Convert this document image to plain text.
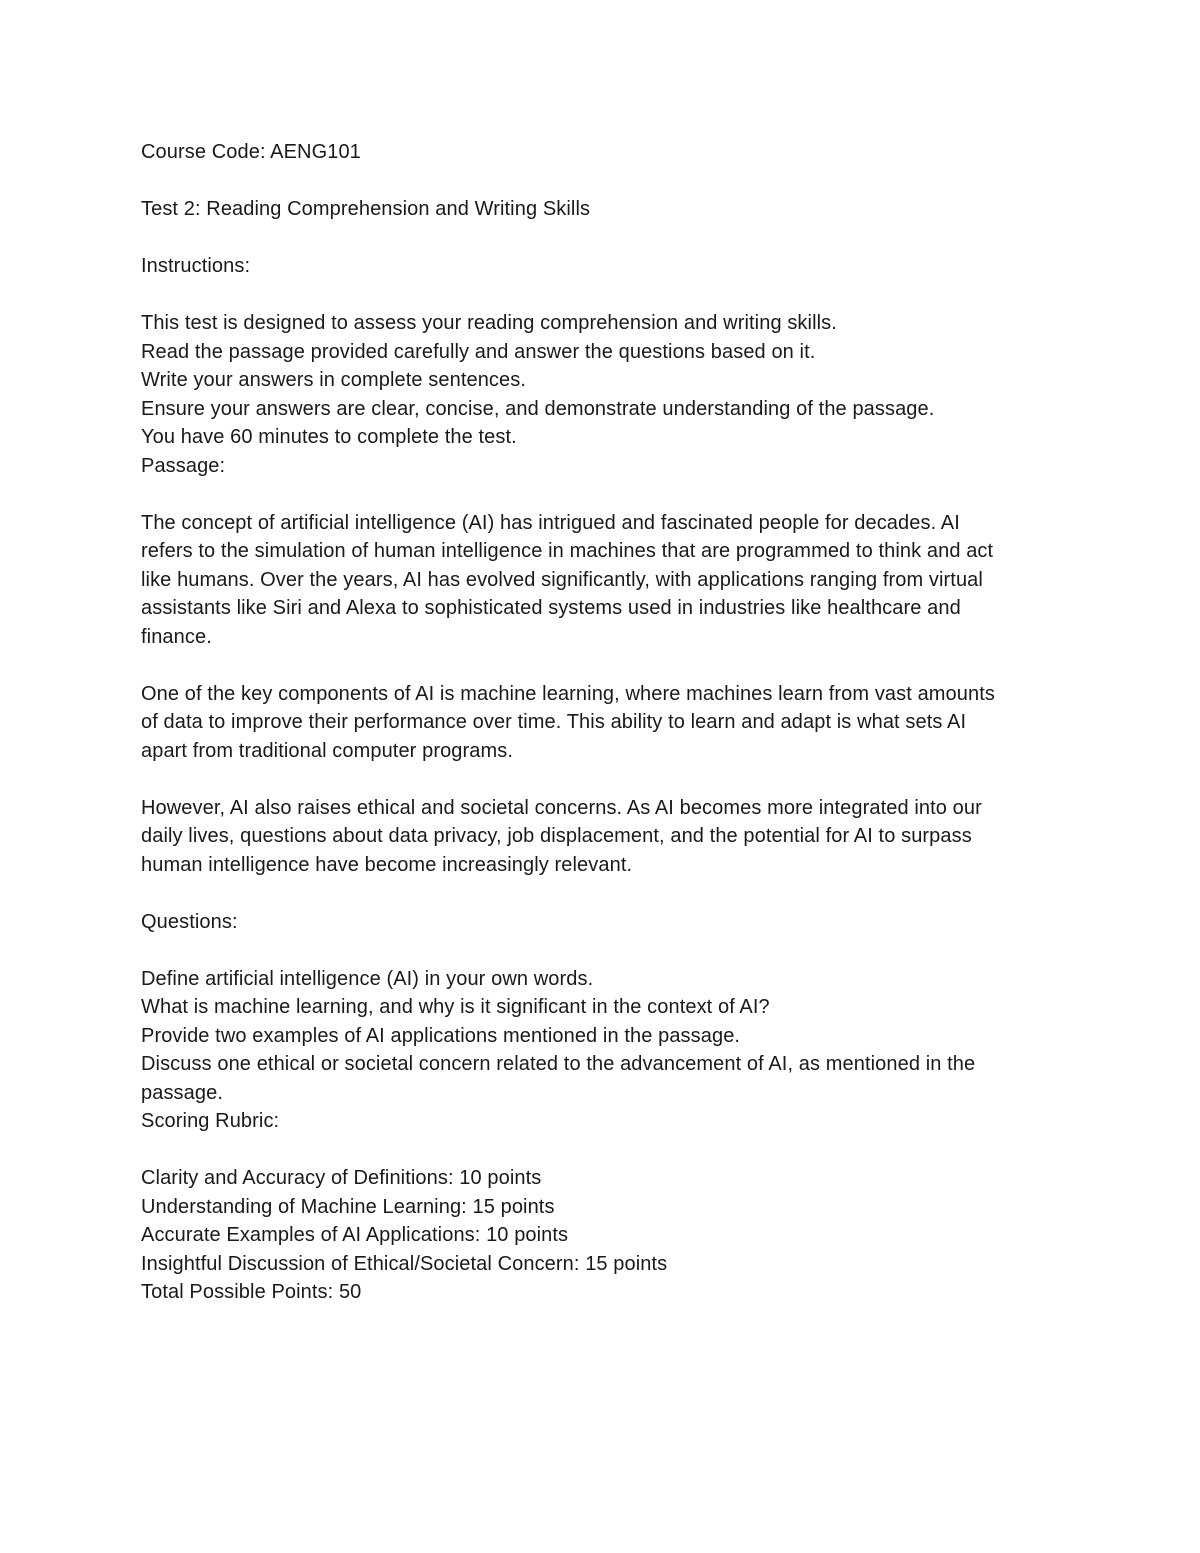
Course Code: AENG101
Test 2: Reading Comprehension and Writing Skills
Instructions:
This test is designed to assess your reading comprehension and writing skills.
Read the passage provided carefully and answer the questions based on it.
Write your answers in complete sentences.
Ensure your answers are clear, concise, and demonstrate understanding of the passage.
You have 60 minutes to complete the test.
Passage:
The concept of artificial intelligence (AI) has intrigued and fascinated people for decades. AI
refers to the simulation of human intelligence in machines that are programmed to think and act
like humans. Over the years, AI has evolved significantly, with applications ranging from virtual
assistants like Siri and Alexa to sophisticated systems used in industries like healthcare and
finance.
One of the key components of AI is machine learning, where machines learn from vast amounts
of data to improve their performance over time. This ability to learn and adapt is what sets AI
apart from traditional computer programs.
However, AI also raises ethical and societal concerns. As AI becomes more integrated into our
daily lives, questions about data privacy, job displacement, and the potential for AI to surpass
human intelligence have become increasingly relevant.
Questions:
Define artificial intelligence (AI) in your own words.
What is machine learning, and why is it significant in the context of AI?
Provide two examples of AI applications mentioned in the passage.
Discuss one ethical or societal concern related to the advancement of AI, as mentioned in the
passage.
Scoring Rubric:
Clarity and Accuracy of Definitions: 10 points
Understanding of Machine Learning: 15 points
Accurate Examples of AI Applications: 10 points
Insightful Discussion of Ethical/Societal Concern: 15 points
Total Possible Points: 50
